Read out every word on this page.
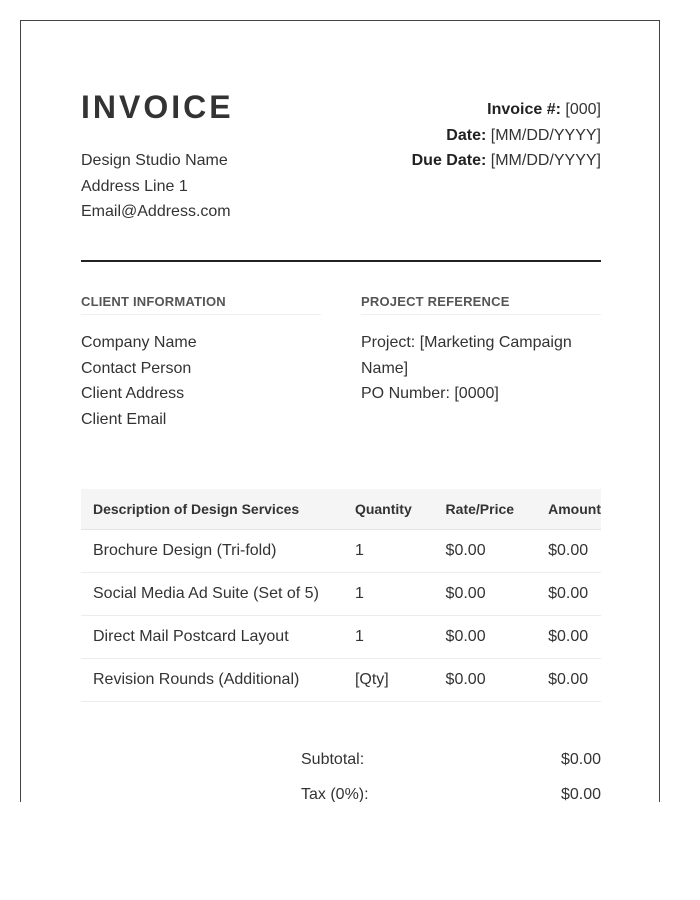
INVOICE
Design Studio Name
Address Line 1
Email@Address.com
Invoice #: [000]
Date: [MM/DD/YYYY]
Due Date: [MM/DD/YYYY]
CLIENT INFORMATION
Company Name
Contact Person
Client Address
Client Email
PROJECT REFERENCE
Project: [Marketing Campaign Name]
PO Number: [0000]
Description of Design Services	Quantity	Rate/Price	Amount
Brochure Design (Tri-fold)	1	$0.00	$0.00
Social Media Ad Suite (Set of 5)	1	$0.00	$0.00
Direct Mail Postcard Layout	1	$0.00	$0.00
Revision Rounds (Additional)	[Qty]	$0.00	$0.00
Subtotal:	$0.00
Tax (0%):	$0.00
